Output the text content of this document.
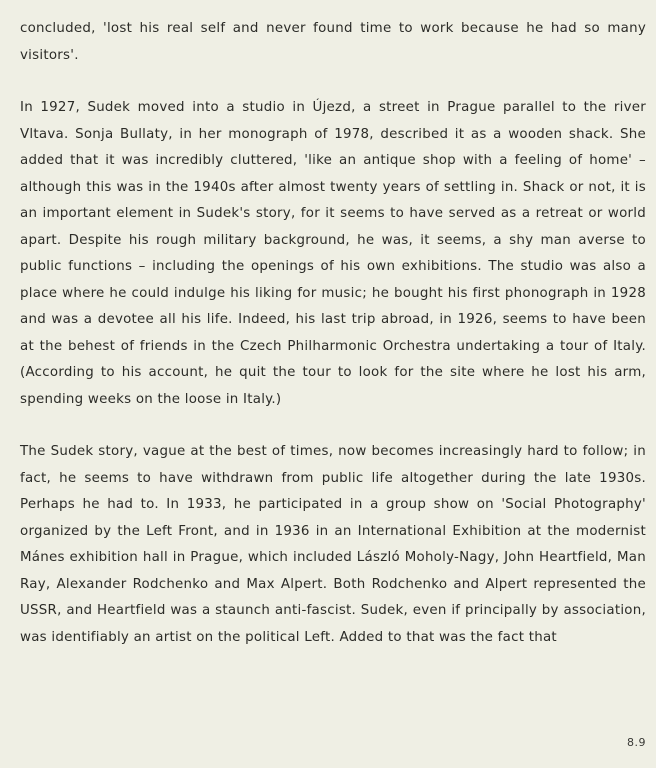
concluded, 'lost his real self and never found time to work because he had so many visitors'.

In 1927, Sudek moved into a studio in Újezd, a street in Prague parallel to the river Vltava. Sonja Bullaty, in her monograph of 1978, described it as a wooden shack. She added that it was incredibly cluttered, 'like an antique shop with a feeling of home' – although this was in the 1940s after almost twenty years of settling in. Shack or not, it is an important element in Sudek's story, for it seems to have served as a retreat or world apart. Despite his rough military background, he was, it seems, a shy man averse to public functions – including the openings of his own exhibitions. The studio was also a place where he could indulge his liking for music; he bought his first phonograph in 1928 and was a devotee all his life. Indeed, his last trip abroad, in 1926, seems to have been at the behest of friends in the Czech Philharmonic Orchestra undertaking a tour of Italy. (According to his account, he quit the tour to look for the site where he lost his arm, spending weeks on the loose in Italy.)

The Sudek story, vague at the best of times, now becomes increasingly hard to follow; in fact, he seems to have withdrawn from public life altogether during the late 1930s. Perhaps he had to. In 1933, he participated in a group show on 'Social Photography' organized by the Left Front, and in 1936 in an International Exhibition at the modernist Mánes exhibition hall in Prague, which included László Moholy-Nagy, John Heartfield, Man Ray, Alexander Rodchenko and Max Alpert. Both Rodchenko and Alpert represented the USSR, and Heartfield was a staunch anti-fascist. Sudek, even if principally by association, was identifiably an artist on the political Left. Added to that was the fact that

8.9
